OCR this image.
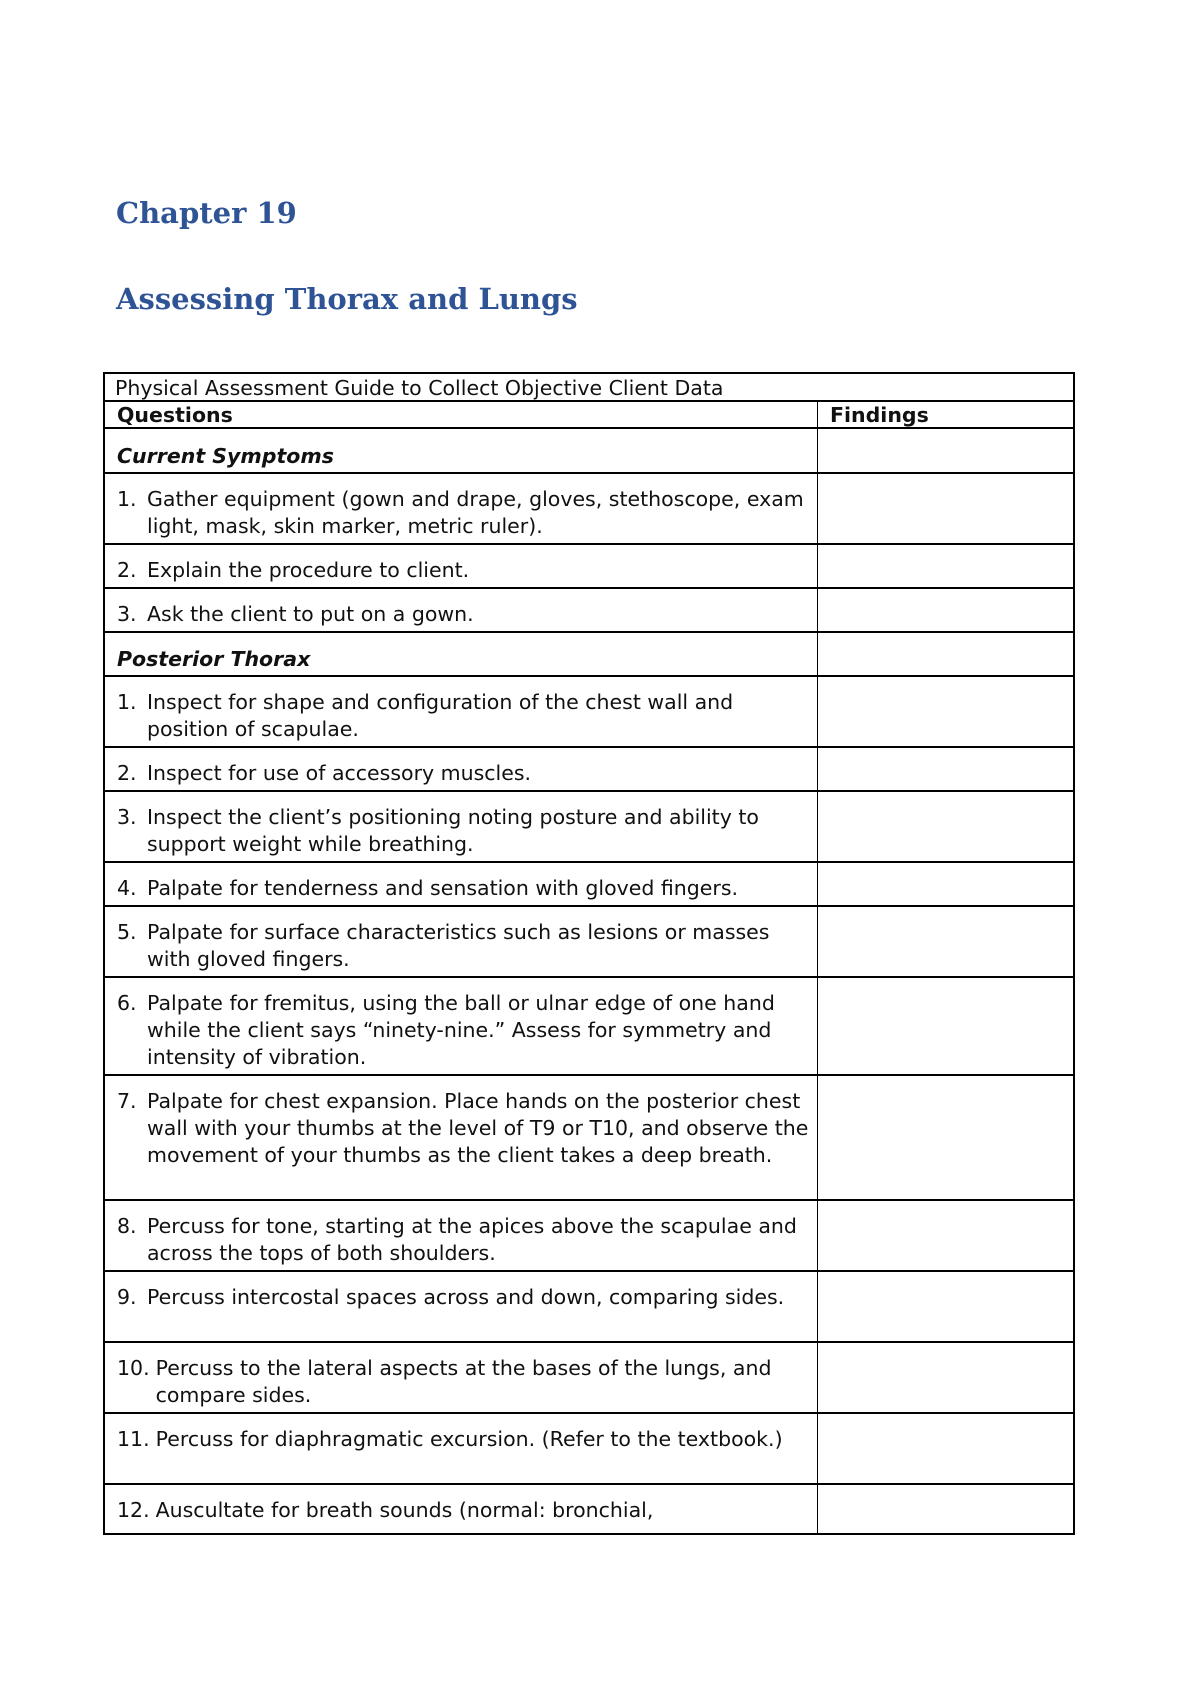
Chapter 19
Assessing Thorax and Lungs
Physical Assessment Guide to Collect Objective Client Data
Questions	Findings
Current Symptoms
1. Gather equipment (gown and drape, gloves, stethoscope, exam light, mask, skin marker, metric ruler).
2. Explain the procedure to client.
3. Ask the client to put on a gown.
Posterior Thorax
1. Inspect for shape and configuration of the chest wall and position of scapulae.
2. Inspect for use of accessory muscles.
3. Inspect the client’s positioning noting posture and ability to support weight while breathing.
4. Palpate for tenderness and sensation with gloved fingers.
5. Palpate for surface characteristics such as lesions or masses with gloved fingers.
6. Palpate for fremitus, using the ball or ulnar edge of one hand while the client says “ninety-nine.” Assess for symmetry and intensity of vibration.
7. Palpate for chest expansion. Place hands on the posterior chest wall with your thumbs at the level of T9 or T10, and observe the movement of your thumbs as the client takes a deep breath.
8. Percuss for tone, starting at the apices above the scapulae and across the tops of both shoulders.
9. Percuss intercostal spaces across and down, comparing sides.
10. Percuss to the lateral aspects at the bases of the lungs, and compare sides.
11. Percuss for diaphragmatic excursion. (Refer to the textbook.)
12. Auscultate for breath sounds (normal: bronchial,
